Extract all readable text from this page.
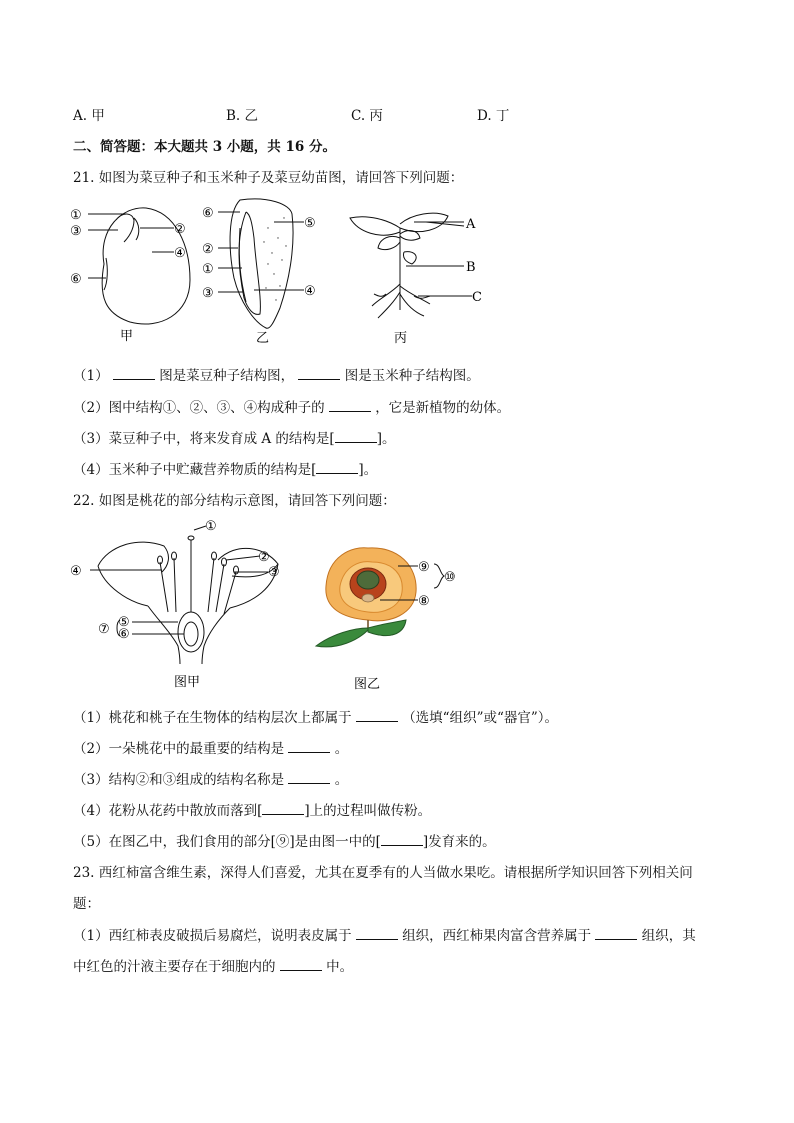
A. 甲	B. 乙	C. 丙	D. 丁
二、简答题：本大题共 3 小题，共 16 分。
21. 如图为菜豆种子和玉米种子及菜豆幼苗图，请回答下列问题：
①
③
⑥
②
④
甲
⑥
②
①
③
⑤
④
乙
A
B
C
丙
（1）	图是菜豆种子结构图，	图是玉米种子结构图。
（2）图中结构①、②、③、④构成种子的	，它是新植物的幼体。
（3）菜豆种子中，将来发育成 A 的结构是[	]。
（4）玉米种子中贮藏营养物质的结构是[	]。
22. 如图是桃花的部分结构示意图，请回答下列问题：
①
②
③
④
⑤
⑥
⑦
图甲
⑨
⑧
⑩
图乙
（1）桃花和桃子在生物体的结构层次上都属于	（选填“组织”或“器官”）。
（2）一朵桃花中的最重要的结构是	。
（3）结构②和③组成的结构名称是	。
（4）花粉从花药中散放而落到[	]上的过程叫做传粉。
（5）在图乙中，我们食用的部分[⑨]是由图一中的[	]发育来的。
23. 西红柿富含维生素，深得人们喜爱，尤其在夏季有的人当做水果吃。请根据所学知识回答下列相关问
题：
（1）西红柿表皮破损后易腐烂，说明表皮属于	组织，西红柿果肉富含营养属于	组织，其
中红色的汁液主要存在于细胞内的	中。
